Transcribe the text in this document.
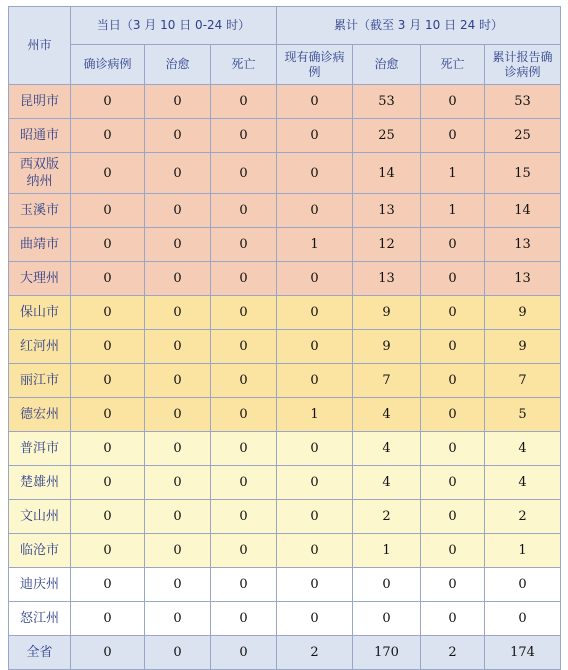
州市	当日（3 月 10 日 0-24 时）			累计（截至 3 月 10 日 24 时）			
	确诊病例	治愈	死亡	现有确诊病例	治愈	死亡	累计报告确诊病例
昆明市	0	0	0	0	53	0	53
昭通市	0	0	0	0	25	0	25
西双版纳州	0	0	0	0	14	1	15
玉溪市	0	0	0	0	13	1	14
曲靖市	0	0	0	1	12	0	13
大理州	0	0	0	0	13	0	13
保山市	0	0	0	0	9	0	9
红河州	0	0	0	0	9	0	9
丽江市	0	0	0	0	7	0	7
德宏州	0	0	0	1	4	0	5
普洱市	0	0	0	0	4	0	4
楚雄州	0	0	0	0	4	0	4
文山州	0	0	0	0	2	0	2
临沧市	0	0	0	0	1	0	1
迪庆州	0	0	0	0	0	0	0
怒江州	0	0	0	0	0	0	0
全省	0	0	0	2	170	2	174
